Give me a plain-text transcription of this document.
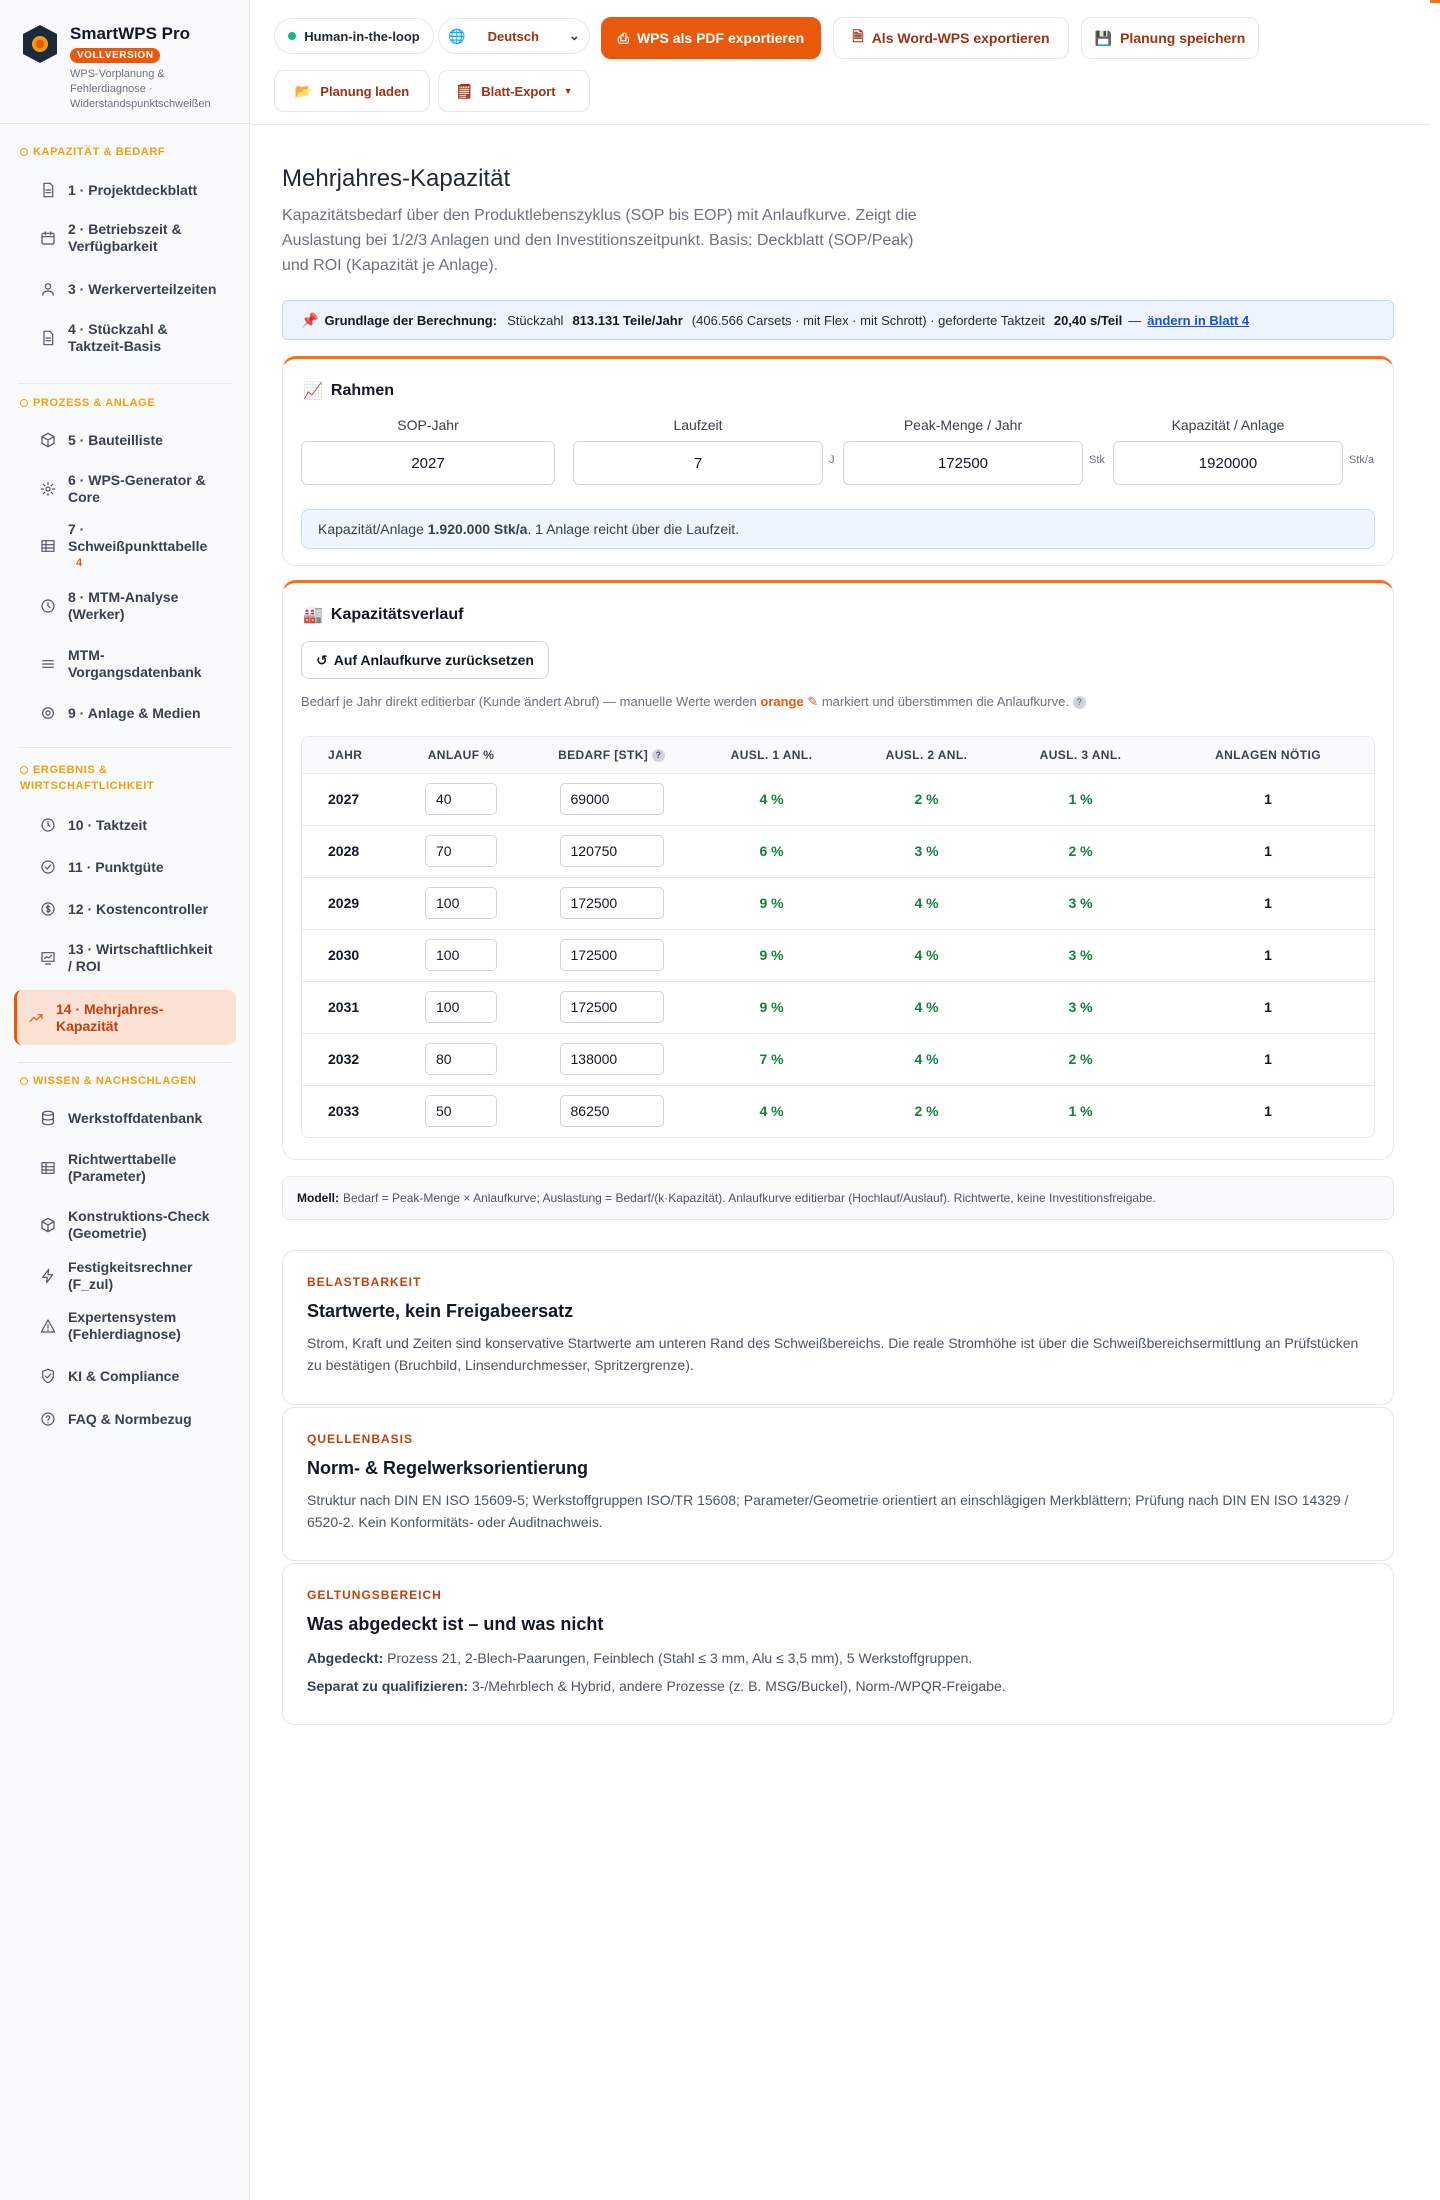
SmartWPS Pro
VOLLVERSION
WPS-Vorplanung & Fehlerdiagnose · Widerstandspunktschweißen
KAPAZITÄT & BEDARF
1 · Projektdeckblatt
2 · Betriebszeit & Verfügbarkeit
3 · Werkerverteilzeiten
4 · Stückzahl & Taktzeit-Basis
PROZESS & ANLAGE
5 · Bauteilliste
6 · WPS-Generator & Core
7 · Schweißpunkttabelle
4
8 · MTM-Analyse (Werker)
MTM-Vorgangsdatenbank
9 · Anlage & Medien
ERGEBNIS & WIRTSCHAFTLICHKEIT
10 · Taktzeit
11 · Punktgüte
12 · Kostencontroller
13 · Wirtschaftlichkeit / ROI
14 · Mehrjahres-Kapazität
WISSEN & NACHSCHLAGEN
Werkstoffdatenbank
Richtwerttabelle (Parameter)
Konstruktions-Check (Geometrie)
Festigkeitsrechner (F_zul)
Expertensystem (Fehlerdiagnose)
KI & Compliance
FAQ & Normbezug
Human-in-the-loop 🌐 Deutsch ⌄	⎙ WPS als PDF exportieren	🗎 Als Word-WPS exportieren	💾 Planung speichern
📂 Planung laden	🗒 Blatt-Export ▼
Mehrjahres-Kapazität

Kapazitätsbedarf über den Produktlebenszyklus (SOP bis EOP) mit Anlaufkurve. Zeigt die Auslastung bei 1/2/3 Anlagen und den Investitionszeitpunkt. Basis: Deckblatt (SOP/Peak) und ROI (Kapazität je Anlage).

📌 Grundlage der Berechnung: Stückzahl 813.131 Teile/Jahr (406.566 Carsets · mit Flex · mit Schrott) · geforderte Taktzeit 20,40 s/Teil — ändern in Blatt 4
📈 Rahmen
SOP-Jahr
2027
Laufzeit
7	J
Peak-Menge / Jahr
172500	Stk
Kapazität / Anlage
1920000	Stk/a
Kapazität/Anlage
1.920.000 Stk/a . 1 Anlage reicht über die Laufzeit.
🏭 Kapazitätsverlauf
↺ Auf Anlaufkurve zurücksetzen
Bedarf je Jahr direkt editierbar (Kunde ändert Abruf) — manuelle Werte werden orange ✎ markiert und überstimmen die Anlaufkurve. ?
JAHR	ANLAUF %	BEDARF [STK] ?	AUSL. 1 ANL.	AUSL. 2 ANL.	AUSL. 3 ANL.	ANLAGEN NÖTIG
2027	40	69000	4 %	2 %	1 %	1
2028	70	120750	6 %	3 %	2 %	1
2029	100	172500	9 %	4 %	3 %	1
2030	100	172500	9 %	4 %	3 %	1
2031	100	172500	9 %	4 %	3 %	1
2032	80	138000	7 %	4 %	2 %	1
2033	50	86250	4 %	2 %	1 %	1
Modell: Bedarf = Peak-Menge × Anlaufkurve; Auslastung = Bedarf/(k·Kapazität). Anlaufkurve editierbar (Hochlauf/Auslauf). Richtwerte, keine Investitionsfreigabe.
BELASTBARKEIT
Startwerte, kein Freigabeersatz
Strom, Kraft und Zeiten sind konservative Startwerte am unteren Rand des Schweißbereichs. Die reale Stromhöhe ist über die Schweißbereichsermittlung an Prüfstücken zu bestätigen (Bruchbild, Linsendurchmesser, Spritzergrenze).
QUELLENBASIS
Norm- & Regelwerksorientierung
Struktur nach DIN EN ISO 15609-5; Werkstoffgruppen ISO/TR 15608; Parameter/Geometrie orientiert an einschlägigen Merkblättern; Prüfung nach DIN EN ISO 14329 / 6520-2. Kein Konformitäts- oder Auditnachweis.
GELTUNGSBEREICH
Was abgedeckt ist – und was nicht
Abgedeckt: Prozess 21, 2-Blech-Paarungen, Feinblech (Stahl ≤ 3 mm, Alu ≤ 3,5 mm), 5 Werkstoffgruppen.
Separat zu qualifizieren: 3-/Mehrblech & Hybrid, andere Prozesse (z. B. MSG/Buckel), Norm-/WPQR-Freigabe.
